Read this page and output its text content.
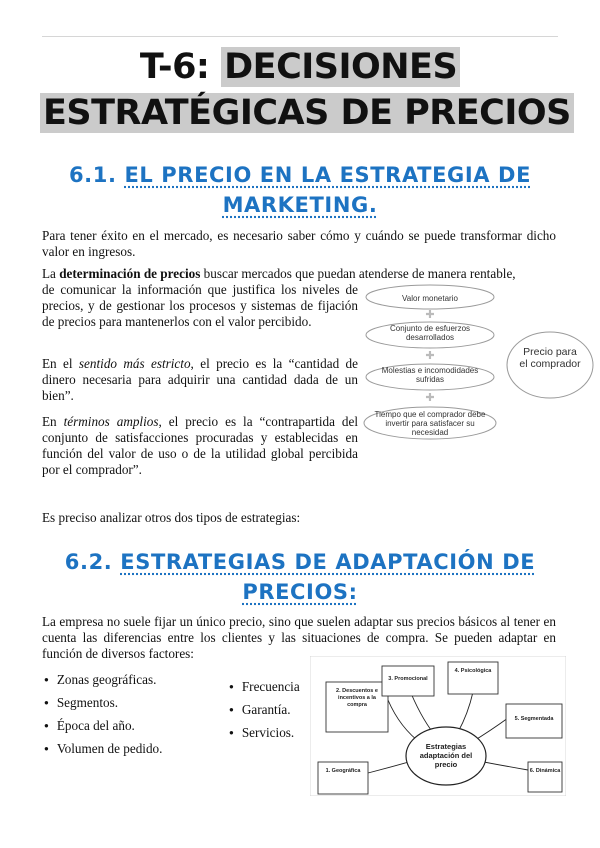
T-6: DECISIONES
ESTRATÉGICAS DE PRECIOS
6.1. EL PRECIO EN LA ESTRATEGIA DE
MARKETING.
Para tener éxito en el mercado, es necesario saber cómo y cuándo se puede transformar dicho valor en ingresos.
La determinación de precios buscar mercados que puedan atenderse de manera rentable,
de comunicar la información que justifica los niveles de precios, y de gestionar los procesos y sistemas de fijación de precios para mantenerlos con el valor percibido.
En el sentido más estricto, el precio es la “cantidad de dinero necesaria para adquirir una cantidad dada de un bien”.
En términos amplios, el precio es la “contrapartida del conjunto de satisfacciones procuradas y establecidas en función del valor de uso o de la utilidad global percibida por el comprador”.
Valor monetario
✚
Conjunto de esfuerzos desarrollados
✚
Molestias e incomodidades sufridas
✚
Tiempo que el comprador debe invertir para satisfacer su necesidad
Precio para el comprador
Es preciso analizar otros dos tipos de estrategias:
6.2. ESTRATEGIAS DE ADAPTACIÓN DE
PRECIOS:
La empresa no suele fijar un único precio, sino que suelen adaptar sus precios básicos al tener en cuenta las diferencias entre los clientes y las situaciones de compra. Se pueden adaptar en función de diversos factores:
● Zonas geográficas.
● Segmentos.
● Época del año.
● Volumen de pedido.
● Frecuencia
● Garantía.
● Servicios.
1. Geográfica
2. Descuentos e incentivos a la compra
3. Promocional
4. Psicológica
5. Segmentada
6. Dinámica
Estrategias adaptación del precio
